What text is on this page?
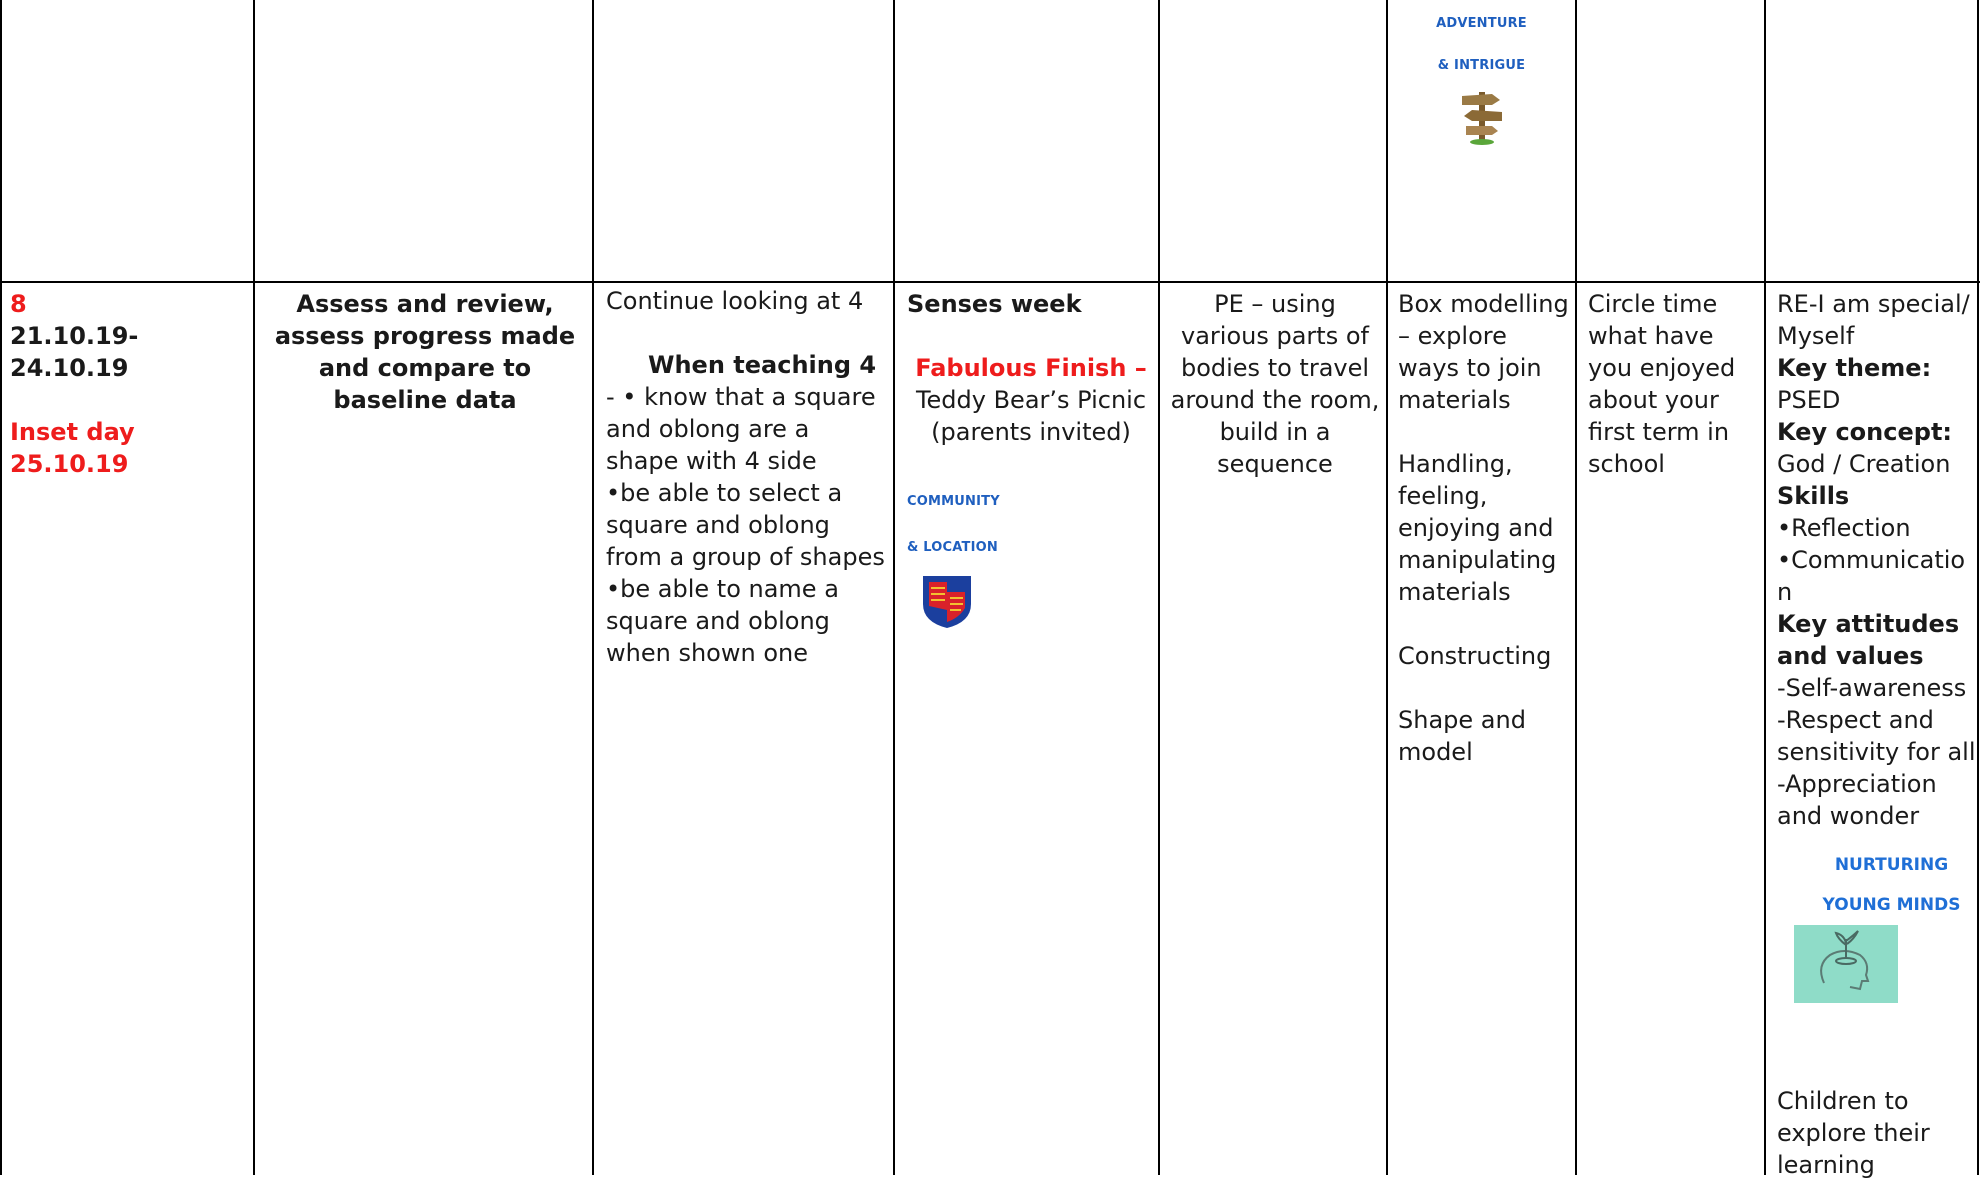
ADVENTURE
& INTRIGUE

8

21.10.19-
24.10.19

Inset day

25.10.19

Assess and review, assess progress made and compare to baseline data

Continue looking at 4

When teaching 4

- • know that a square and oblong are a shape with 4 side

•be able to select a square and oblong from a group of shapes

•be able to name a square and oblong when shown one

Senses week

Fabulous Finish –

Teddy Bear’s Picnic (parents invited)

COMMUNITY
& LOCATION

PE – using various parts of bodies to travel around the room, build in a sequence

Box modelling – explore ways to join materials

Handling, feeling, enjoying and manipulating materials

Constructing

Shape and model

Circle time what have you enjoyed about your first term in school

RE-I am special/ Myself

Key theme:

PSED

Key concept:

God / Creation

Skills

•Reflection

•Communicatio

n

Key attitudes and values

-Self-awareness

-Respect and sensitivity for all

-Appreciation and wonder

NURTURING
YOUNG MINDS

Children to explore their learning
